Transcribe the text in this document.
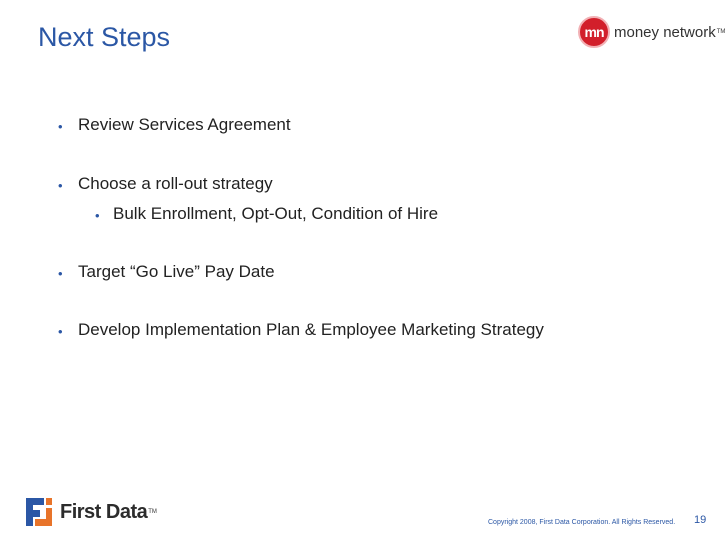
Next Steps	mn money network TM
• Review Services Agreement
• Choose a roll-out strategy
• Bulk Enrollment, Opt-Out, Condition of Hire
• Target “Go Live” Pay Date
• Develop Implementation Plan & Employee Marketing Strategy
First Data TM
Copyright 2008, First Data Corporation. All Rights Reserved. 19
